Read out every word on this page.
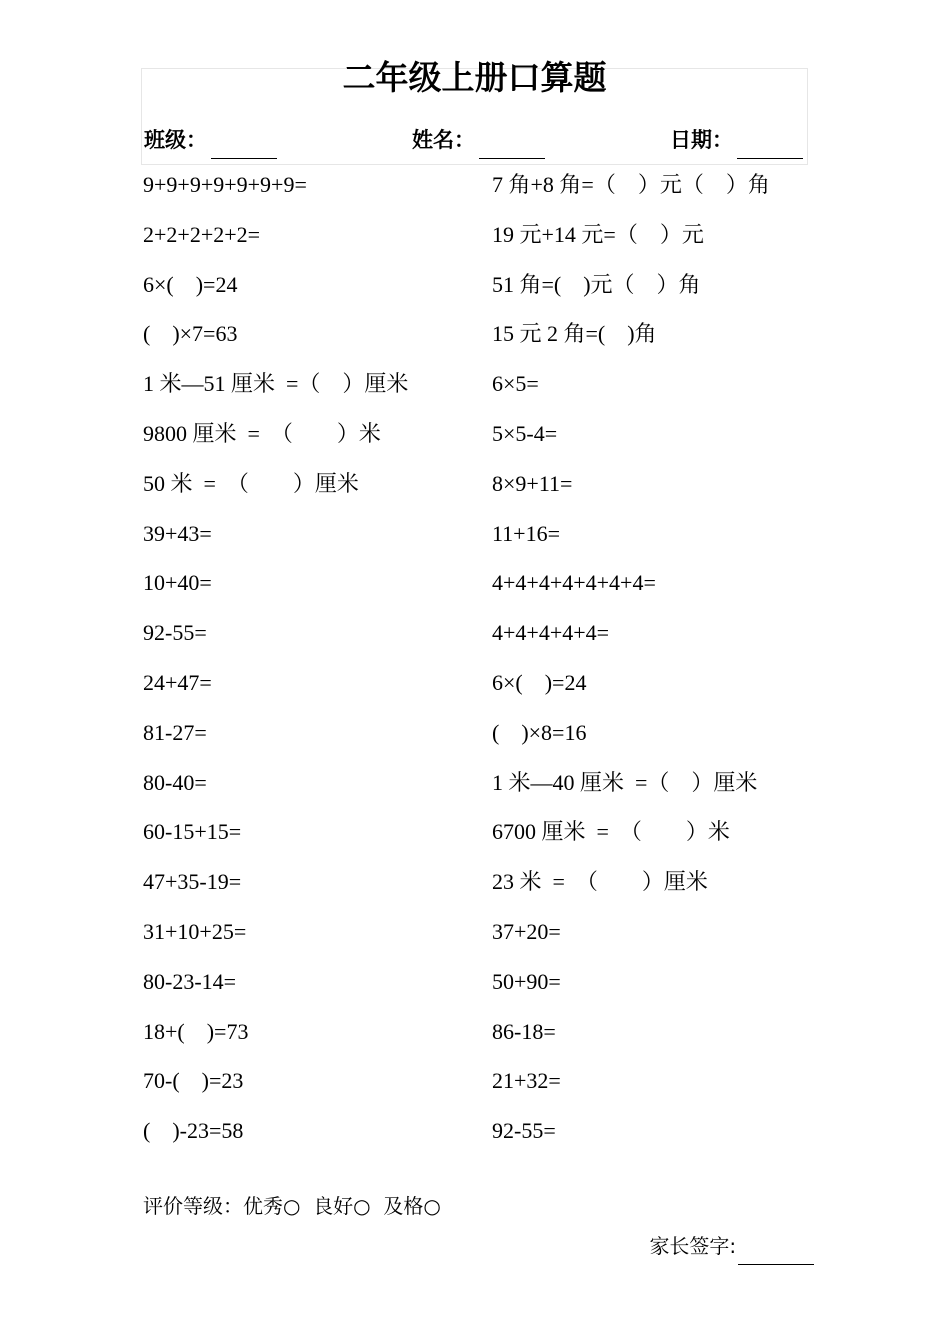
二年级上册口算题
班级：	姓名：	日期：
9+9+9+9+9+9+9=
2+2+2+2+2=
6×(    )=24
(    )×7=63
1 米—51 厘米  =（    ）厘米
9800 厘米  =  （        ）米
50 米  =  （        ）厘米
39+43=
10+40=
92-55=
24+47=
81-27=
80-40=
60-15+15=
47+35-19=
31+10+25=
80-23-14=
18+(    )=73
70-(    )=23
(    )-23=58
7 角+8 角=（    ）元（    ）角
19 元+14 元=（    ）元
51 角=(    )元（    ）角
15 元 2 角=(    )角
6×5=
5×5-4=
8×9+11=
11+16=
4+4+4+4+4+4+4=
4+4+4+4+4=
6×(    )=24
(    )×8=16
1 米—40 厘米  =（    ）厘米
6700 厘米  =  （        ）米
23 米  =  （        ）厘米
37+20=
50+90=
86-18=
21+32=
92-55=
评价等级：优秀○  良好○  及格○

家长签字:
